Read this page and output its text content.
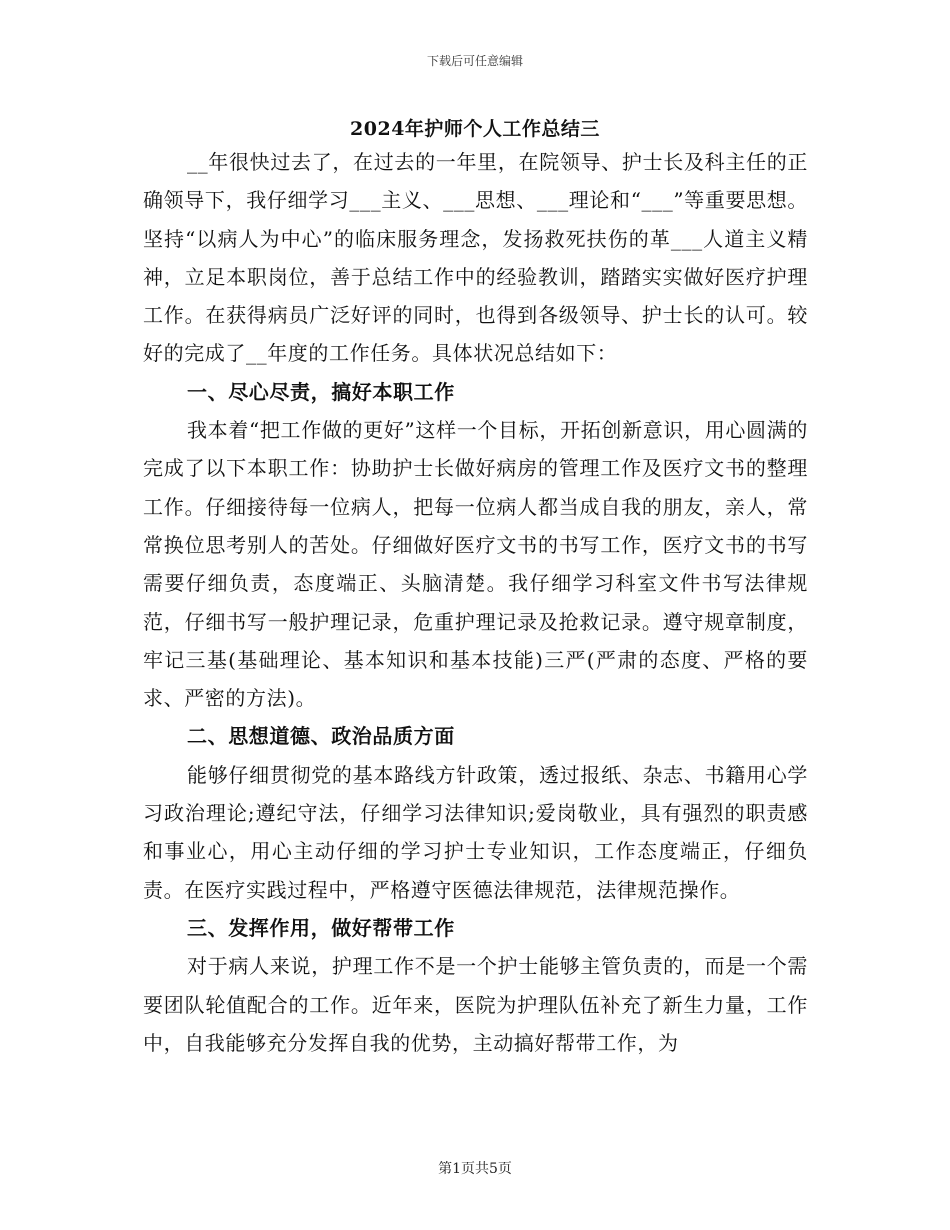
下载后可任意编辑
2024年护师个人工作总结三

__年很快过去了，在过去的一年里，在院领导、护士长及科主任的正确领导下，我仔细学习___主义、___思想、___理论和“___”等重要思想。坚持“以病人为中心”的临床服务理念，发扬救死扶伤的革___人道主义精神，立足本职岗位，善于总结工作中的经验教训，踏踏实实做好医疗护理工作。在获得病员广泛好评的同时，也得到各级领导、护士长的认可。较好的完成了__年度的工作任务。具体状况总结如下：

一、尽心尽责，搞好本职工作

我本着“把工作做的更好”这样一个目标，开拓创新意识，用心圆满的完成了以下本职工作：协助护士长做好病房的管理工作及医疗文书的整理工作。仔细接待每一位病人，把每一位病人都当成自我的朋友，亲人，常常换位思考别人的苦处。仔细做好医疗文书的书写工作，医疗文书的书写需要仔细负责，态度端正、头脑清楚。我仔细学习科室文件书写法律规范，仔细书写一般护理记录，危重护理记录及抢救记录。遵守规章制度，牢记三基(基础理论、基本知识和基本技能)三严(严肃的态度、严格的要求、严密的方法)。

二、思想道德、政治品质方面

能够仔细贯彻党的基本路线方针政策，透过报纸、杂志、书籍用心学习政治理论;遵纪守法，仔细学习法律知识;爱岗敬业，具有强烈的职责感和事业心，用心主动仔细的学习护士专业知识，工作态度端正，仔细负责。在医疗实践过程中，严格遵守医德法律规范，法律规范操作。

三、发挥作用，做好帮带工作

对于病人来说，护理工作不是一个护士能够主管负责的，而是一个需要团队轮值配合的工作。近年来，医院为护理队伍补充了新生力量，工作中，自我能够充分发挥自我的优势，主动搞好帮带工作，为

第1页共5页
